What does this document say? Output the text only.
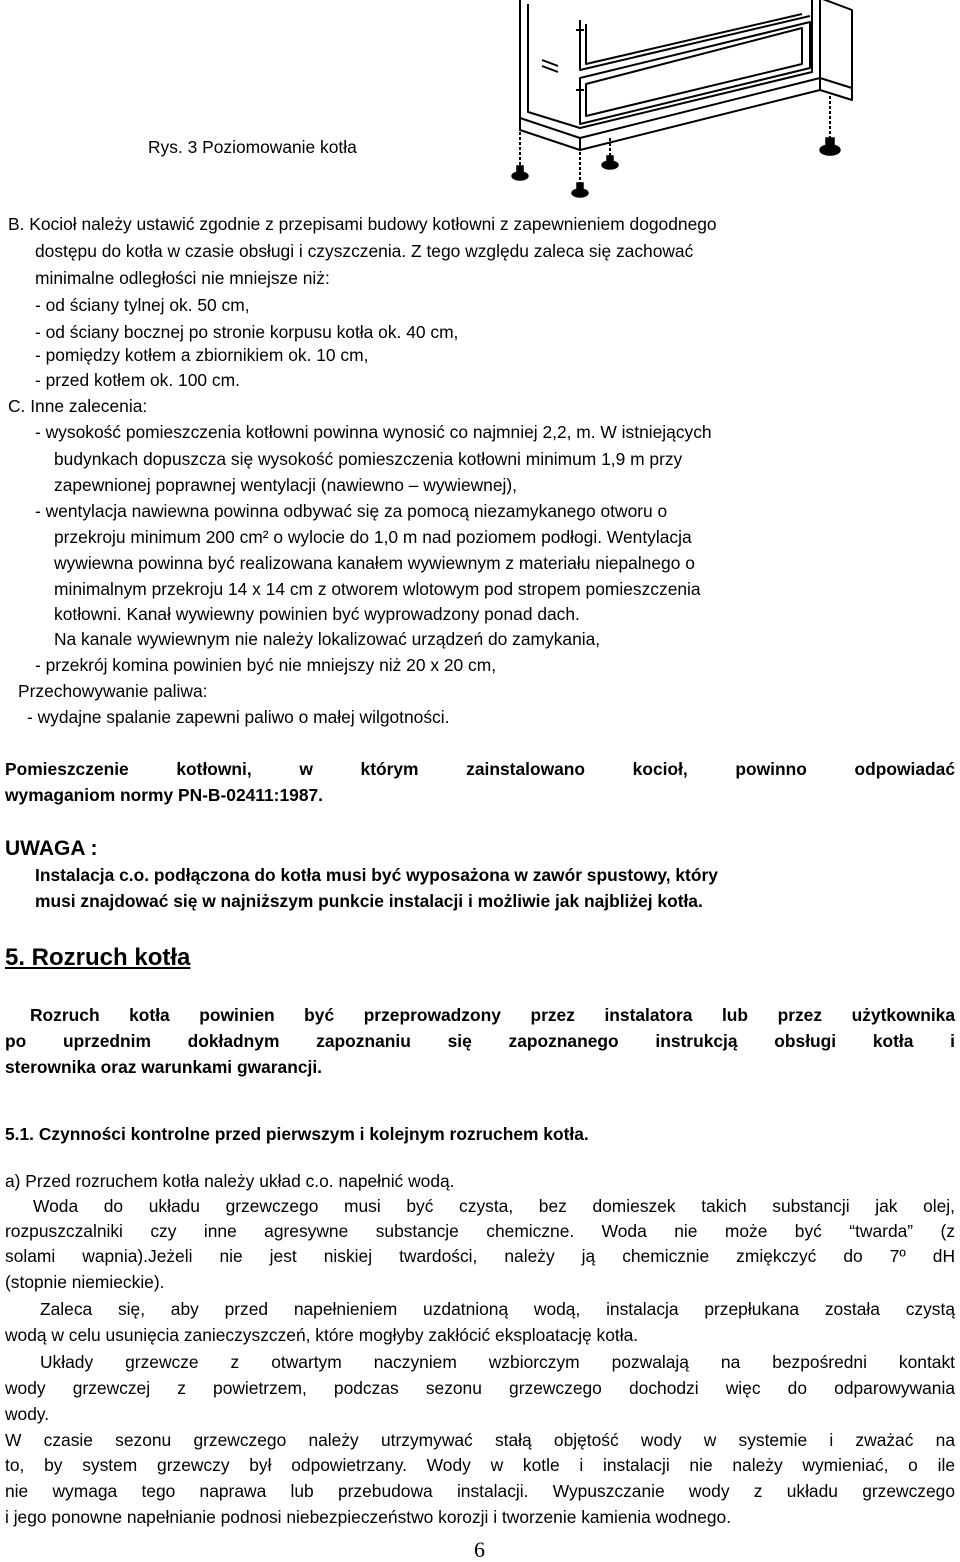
Rys. 3 Poziomowanie kotła
B. Kocioł należy ustawić zgodnie z przepisami budowy kotłowni z zapewnieniem dogodnego
dostępu do kotła w czasie obsługi i czyszczenia. Z tego względu zaleca się zachować
minimalne odległości nie mniejsze niż:
- od ściany tylnej ok. 50 cm,
- od ściany bocznej po stronie korpusu kotła ok. 40 cm,
- pomiędzy kotłem a zbiornikiem ok. 10 cm,
- przed kotłem ok. 100 cm.
C. Inne zalecenia:
- wysokość pomieszczenia kotłowni powinna wynosić co najmniej 2,2, m. W istniejących
budynkach dopuszcza się wysokość pomieszczenia kotłowni minimum 1,9 m przy
zapewnionej poprawnej wentylacji (nawiewno – wywiewnej),
- wentylacja nawiewna powinna odbywać się za pomocą niezamykanego otworu o
przekroju minimum 200 cm² o wylocie do 1,0 m nad poziomem podłogi. Wentylacja
wywiewna powinna być realizowana kanałem wywiewnym z materiału niepalnego o
minimalnym przekroju 14 x 14 cm z otworem wlotowym pod stropem pomieszczenia
kotłowni. Kanał wywiewny powinien być wyprowadzony ponad dach.
Na kanale wywiewnym nie należy lokalizować urządzeń do zamykania,
- przekrój komina powinien być nie mniejszy niż 20 x 20 cm,
Przechowywanie paliwa:
- wydajne spalanie zapewni paliwo o małej wilgotności.
Pomieszczenie kotłowni, w którym zainstalowano kocioł, powinno odpowiadać
wymaganiom normy PN-B-02411:1987.
UWAGA :
Instalacja c.o. podłączona do kotła musi być wyposażona w zawór spustowy, który
musi znajdować się w najniższym punkcie instalacji i możliwie jak najbliżej kotła.
5. Rozruch kotła
Rozruch kotła powinien być przeprowadzony przez instalatora lub przez użytkownika
po uprzednim dokładnym zapoznaniu się zapoznanego instrukcją obsługi kotła i
sterownika oraz warunkami gwarancji.
5.1. Czynności kontrolne przed pierwszym i kolejnym rozruchem kotła.
a) Przed rozruchem kotła należy układ c.o. napełnić wodą.
Woda do układu grzewczego musi być czysta, bez domieszek takich substancji jak olej,
rozpuszczalniki czy inne agresywne substancje chemiczne. Woda nie może być “twarda” (z
solami wapnia).Jeżeli nie jest niskiej twardości, należy ją chemicznie zmiękczyć do 7º dH
(stopnie niemieckie).
Zaleca się, aby przed napełnieniem uzdatnioną wodą, instalacja przepłukana została czystą
wodą w celu usunięcia zanieczyszczeń, które mogłyby zakłócić eksploatację kotła.
Układy grzewcze z otwartym naczyniem wzbiorczym pozwalają na bezpośredni kontakt
wody grzewczej z powietrzem, podczas sezonu grzewczego dochodzi więc do odparowywania
wody.
W czasie sezonu grzewczego należy utrzymywać stałą objętość wody w systemie i zważać na
to, by system grzewczy był odpowietrzany. Wody w kotle i instalacji nie należy wymieniać, o ile
nie wymaga tego naprawa lub przebudowa instalacji. Wypuszczanie wody z układu grzewczego
i jego ponowne napełnianie podnosi niebezpieczeństwo korozji i tworzenie kamienia wodnego.
6
